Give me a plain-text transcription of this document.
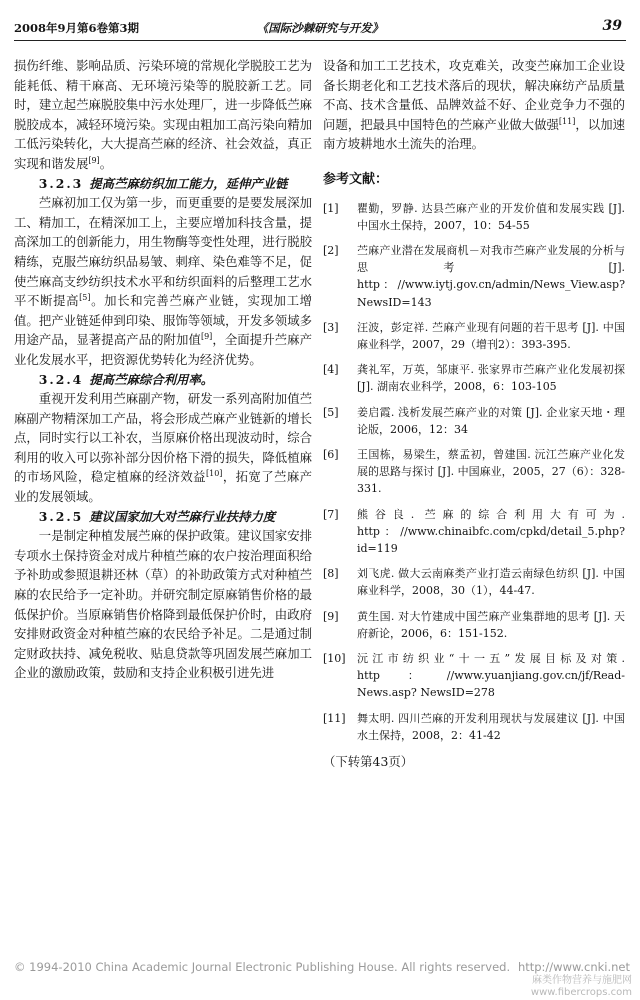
2008年9月第6卷第3期	《国际沙棘研究与开发》	39

损伤纤维、影响品质、污染环境的常规化学脱胶工艺为能耗低、精干麻高、无环境污染等的脱胶新工艺。同时，建立起苎麻脱胶集中污水处理厂，进一步降低苎麻脱胶成本，减轻环境污染。实现由粗加工高污染向精加工低污染转化，大大提高苎麻的经济、社会效益，真正实现和谐发展[9]。

3.2.3 提高苎麻纺织加工能力，延伸产业链

苎麻初加工仅为第一步，而更重要的是要发展深加工、精加工，在精深加工上，主要应增加科技含量，提高深加工的创新能力，用生物酶等变性处理，进行脱胶精练，克服苎麻纺织品易皱、刺痒、染色难等不足，促使苎麻高支纱纺织技术水平和纺织面料的后整理工艺水平不断提高[5]。加长和完善苎麻产业链，实现加工增值。把产业链延伸到印染、服饰等领域，开发多领域多用途产品，显著提高产品的附加值[9]，全面提升苎麻产业化发展水平，把资源优势转化为经济优势。

3.2.4 提高苎麻综合利用率。

重视开发利用苎麻副产物，研发一系列高附加值苎麻副产物精深加工产品，将会形成苎麻产业链新的增长点，同时实行以工补农，当原麻价格出现波动时，综合利用的收入可以弥补部分因价格下滑的损失，降低植麻的市场风险，稳定植麻的经济效益[10]，拓宽了苎麻产业的发展领域。

3.2.5 建议国家加大对苎麻行业扶持力度

一是制定种植发展苎麻的保护政策。建议国家安排专项水土保持资金对成片种植苎麻的农户按治理面积给予补助或参照退耕还林（草）的补助政策方式对种植苎麻的农民给予一定补助。并研究制定原麻销售价格的最低保护价。当原麻销售价格降到最低保护价时，由政府安排财政资金对种植苎麻的农民给予补足。二是通过制定财政扶持、减免税收、贴息贷款等巩固发展苎麻加工企业的激励政策，鼓励和支持企业积极引进先进

设备和加工工艺技术，攻克难关，改变苎麻加工企业设备长期老化和工艺技术落后的现状，解决麻纺产品质量不高、技术含量低、品牌效益不好、企业竞争力不强的问题，把最具中国特色的苎麻产业做大做强[11]，以加速南方坡耕地水土流失的治理。

参考文献：

[1]	瞿勤，罗静. 达县苎麻产业的开发价值和发展实践 [J]. 中国水土保持，2007，10：54-55
[2]	苎麻产业潜在发展商机－对我市苎麻产业发展的分析与思考 [J]. http：//www.iytj.gov.cn/admin/News_View.asp? NewsID=143
[3]	汪波，彭定祥. 苎麻产业现有问题的若干思考 [J]. 中国麻业科学，2007，29（增刊2）：393-395.
[4]	龚礼军，万英，邹康平. 张家界市苎麻产业化发展初探 [J]. 湖南农业科学，2008，6：103-105
[5]	姜启霞. 浅析发展苎麻产业的对策 [J]. 企业家天地・理论版，2006，12：34
[6]	王国栋，易梁生，蔡孟初，曾建国. 沅江苎麻产业化发展的思路与探讨 [J]. 中国麻业，2005，27（6）：328-331.
[7]	熊谷良. 苎麻的综合利用大有可为. http：//www.chinaibfc.com/cpkd/detail_5.php? id=119
[8]	刘飞虎. 做大云南麻类产业打造云南绿色纺织 [J]. 中国麻业科学，2008，30（1），44-47.
[9]	黄生国. 对大竹建成中国苎麻产业集群地的思考 [J]. 天府新论，2006，6：151-152.
[10]	沅江市纺织业“十一五”发展目标及对策. http：//www.yuanjiang.gov.cn/jf/Read-News.asp? NewsID=278
[11]	舞太明. 四川苎麻的开发利用现状与发展建议 [J]. 中国水土保持，2008，2：41-42

（下转第43页）

© 1994-2010 China Academic Journal Electronic Publishing House. All rights reserved. http://www.cnki.net
麻类作物营养与施肥网
www.fibercrops.com
